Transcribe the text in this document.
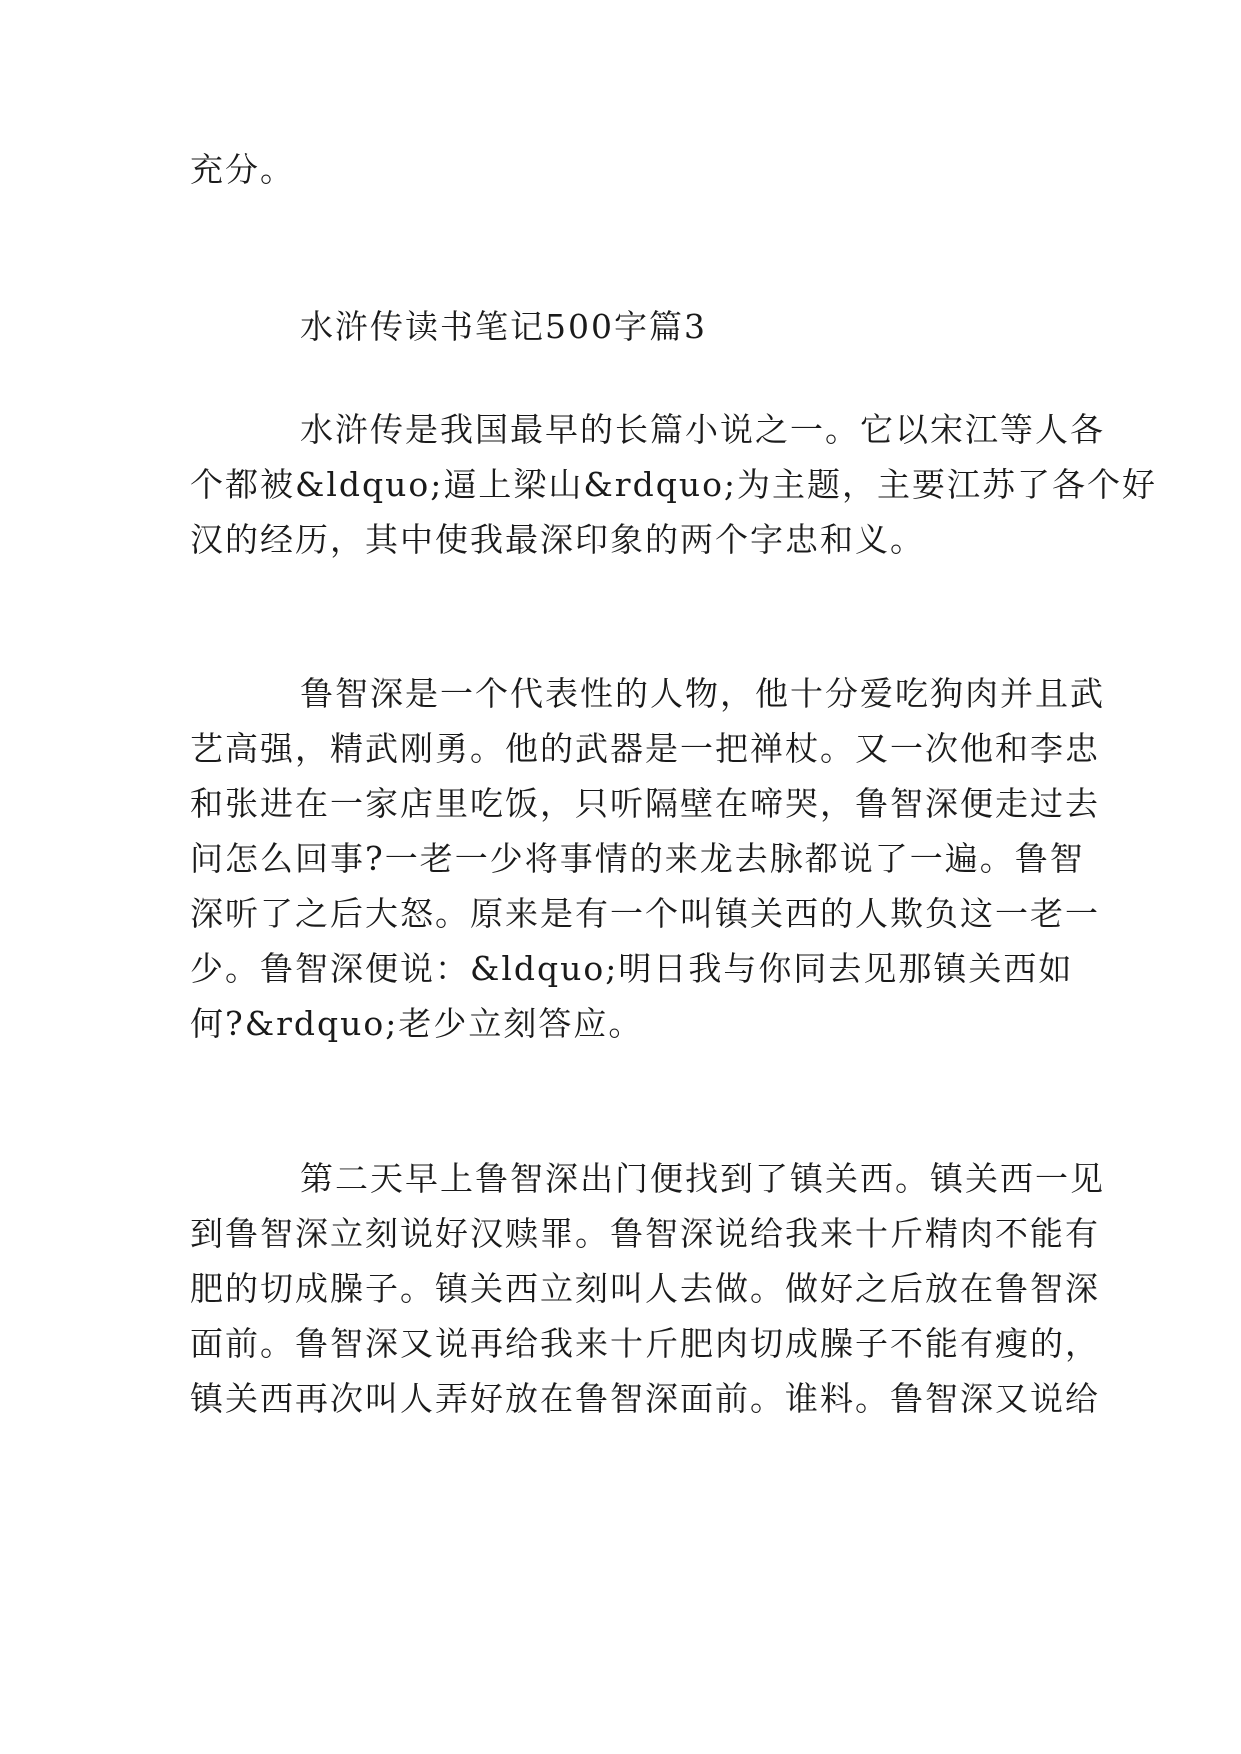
充分。
水浒传读书笔记500字篇3
水浒传是我国最早的长篇小说之一。它以宋江等人各
个都被&ldquo;逼上梁山&rdquo;为主题，主要江苏了各个好
汉的经历，其中使我最深印象的两个字忠和义。
鲁智深是一个代表性的人物，他十分爱吃狗肉并且武
艺高强，精武刚勇。他的武器是一把禅杖。又一次他和李忠
和张进在一家店里吃饭，只听隔壁在啼哭，鲁智深便走过去
问怎么回事?一老一少将事情的来龙去脉都说了一遍。鲁智
深听了之后大怒。原来是有一个叫镇关西的人欺负这一老一
少。鲁智深便说：&ldquo;明日我与你同去见那镇关西如
何?&rdquo;老少立刻答应。
第二天早上鲁智深出门便找到了镇关西。镇关西一见
到鲁智深立刻说好汉赎罪。鲁智深说给我来十斤精肉不能有
肥的切成臊子。镇关西立刻叫人去做。做好之后放在鲁智深
面前。鲁智深又说再给我来十斤肥肉切成臊子不能有瘦的，
镇关西再次叫人弄好放在鲁智深面前。谁料。鲁智深又说给
